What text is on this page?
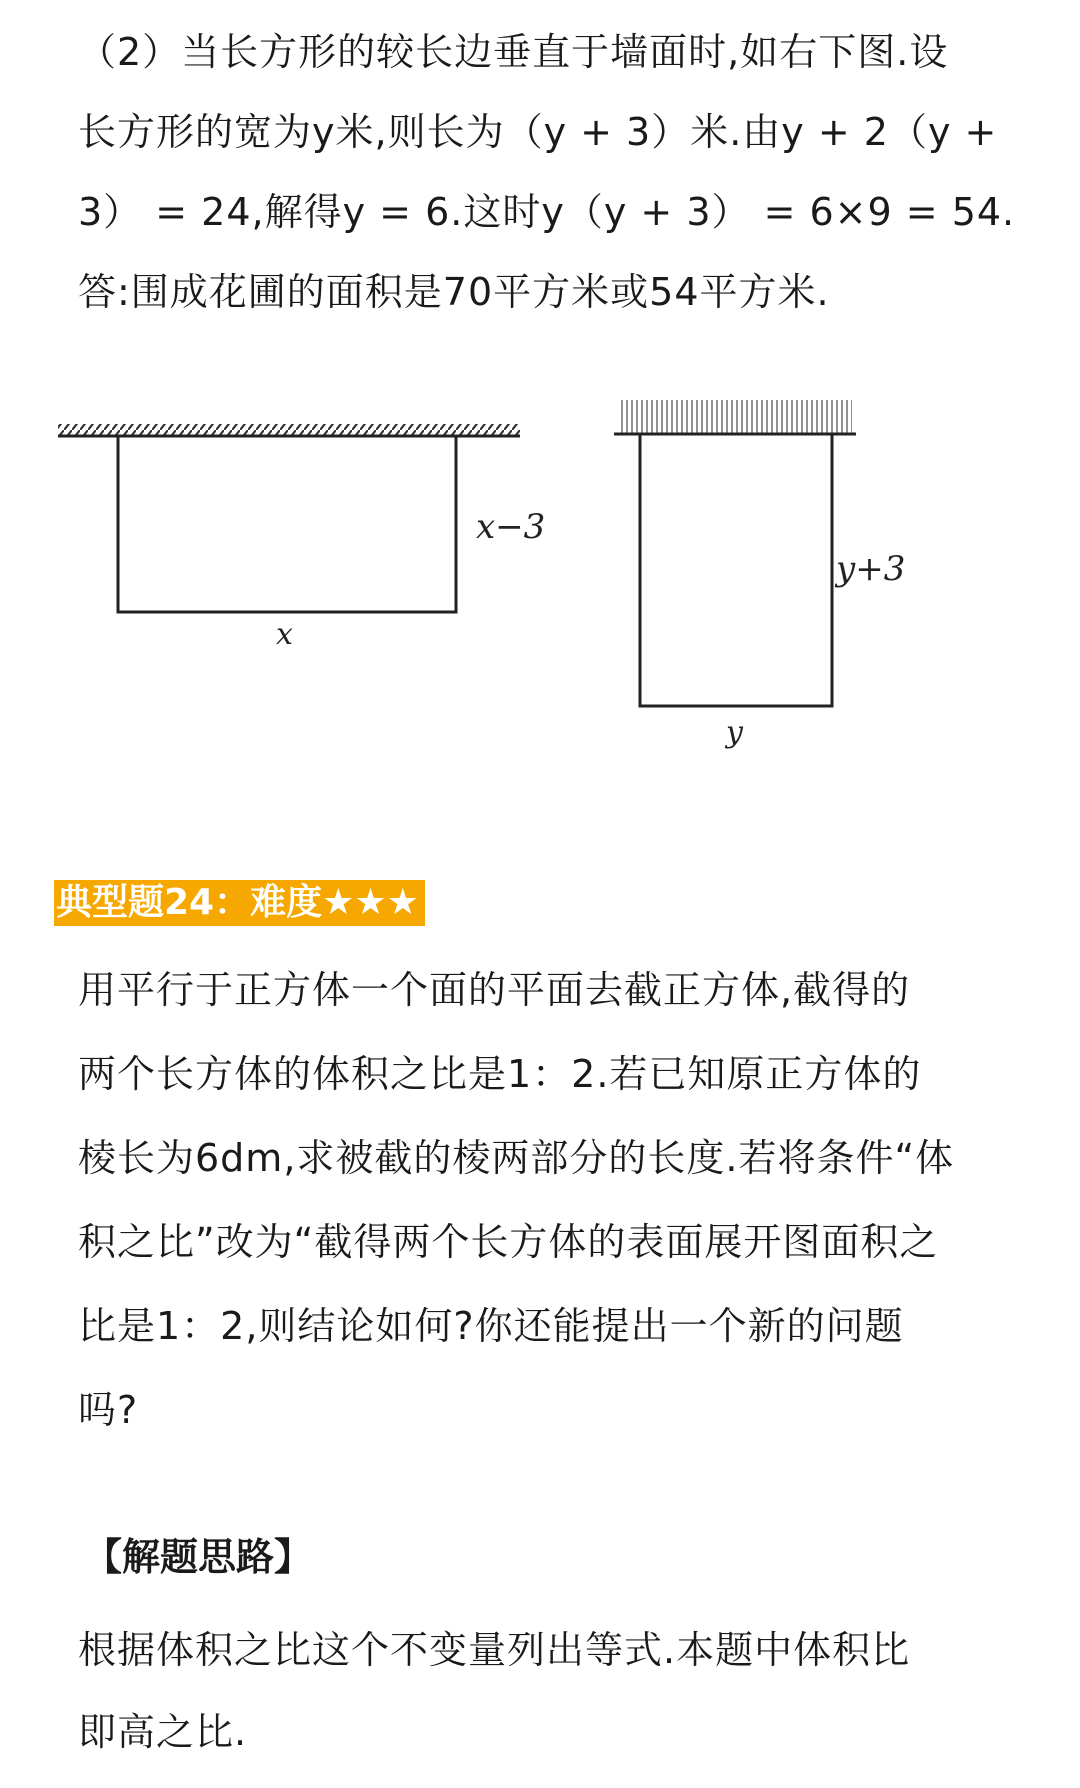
（2）当长方形的较长边垂直于墙面时,如右下图.设
长方形的宽为y米,则长为（y + 3）米.由y + 2（y +
3） = 24,解得y = 6.这时y（y + 3） = 6×9 = 54.
答:围成花圃的面积是70平方米或54平方米.
x−3
x
y+3
y
典型题24：难度★★★
用平行于正方体一个面的平面去截正方体,截得的
两个长方体的体积之比是1：2.若已知原正方体的
棱长为6dm,求被截的棱两部分的长度.若将条件“体
积之比”改为“截得两个长方体的表面展开图面积之
比是1：2,则结论如何?你还能提出一个新的问题
吗?
【解题思路】
根据体积之比这个不变量列出等式.本题中体积比
即高之比.
